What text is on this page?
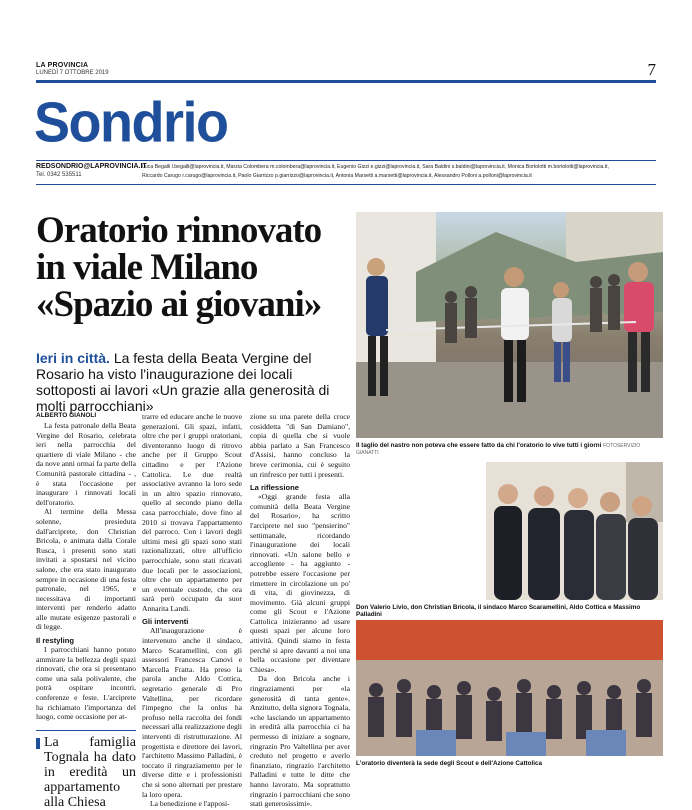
LA PROVINCIA
LUNEDÌ 7 OTTOBRE 2019	7
Sondrio
REDSONDRIO@LAPROVINCIA.IT
Tel. 0342 535511
Luca Begalli l.begalli@laprovincia.it, Marzia Colombera m.colombera@laprovincia.it, Eugenio Gizzi e.gizzi@laprovincia.it, Sara Baldini s.baldini@laprovincia.it, Monica Bortolotti m.bortolotti@laprovincia.it,
Riccardo Carugo r.carugo@laprovincia.it, Paolo Giarrizzo p.giarrizzo@laprovincia.it, Antonia Marsetti a.marsetti@laprovincia.it, Alessandro Polloni a.polloni@laprovincia.it
Oratorio rinnovato
in viale Milano
«Spazio ai giovani»
Ieri in città. La festa della Beata Vergine del Rosario ha visto l'inaugurazione dei locali sottoposti ai lavori «Un grazie alla generosità di molti parrocchiani»
ALBERTO GIANOLI
La festa patronale della Beata Vergine del Rosario, celebrata ieri nella parrocchia del quartiere di viale Milano - che da nove anni ormai fa parte della Comunità pastorale cittadina - , è stata l'occasione per inaugurare i rinnovati locali dell'oratorio.
Al termine della Messa solenne, presieduta dall'arciprete, don Christian Bricola, e animata dalla Corale Rusca, i presenti sono stati invitati a spostarsi nel vicino salone, che era stato inaugurato sempre in occasione di una festa patronale, nel 1965, e necessitava di importanti interventi per renderlo adatto alle mutate esigenze pastorali e di legge.
Il restyling
I parrocchiani hanno potuto ammirare la bellezza degli spazi rinnovati, che ora si presentano come una sala polivalente, che potrà ospitare incontri, conferenze e feste. L'arciprete ha richiamato l'importanza del luogo, come occasione per at-
La famiglia Tognala ha dato in eredità un appartamento alla Chiesa
trarre ed educare anche le nuove generazioni. Gli spazi, infatti, oltre che per i gruppi oratoriani, diventeranno luogo di ritrovo anche per il Gruppo Scout cittadino e per l'Azione Cattolica. Le due realtà associative avranno la loro sede in un altro spazio rinnovato, quello al secondo piano della casa parrocchiale, dove fino al 2010 si trovava l'appartamento del parroco. Con i lavori degli ultimi mesi gli spazi sono stati razionalizzati, oltre all'ufficio parrocchiale, sono stati ricavati due locali per le associazioni, oltre che un appartamento per un eventuale custode, che ora sarà però occupato da suor Annarita Landi.
Gli interventi
All'inaugurazione è intervenuto anche il sindaco, Marco Scaramellini, con gli assessori Francesca Canovi e Marcella Fratta. Ha preso la parola anche Aldo Cottica, segretario generale di Pro Valtellina, per ricordare l'impegno che la onlus ha profuso nella raccolta dei fondi necessari alla realizzazione degli interventi di ristrutturazione. Al progettista e direttore dei lavori, l'architetto Massimo Palladini, è toccato il ringraziamento per le diverse ditte e i professionisti che si sono alternati per prestare la loro opera.
La benedizione e l'apposi-
zione su una parete della croce cosiddetta "di San Damiano", copia di quella che si vuole abbia parlato a San Francesco d'Assisi, hanno concluso la breve cerimonia, cui è seguito un rinfresco per tutti i presenti.
La riflessione
«Oggi grande festa alla comunità della Beata Vergine del Rosario», ha scritto l'arciprete nel suo "pensierino" settimanale, ricordando l'inaugurazione dei locali rinnovati. «Un salone bello e accogliente - ha aggiunto - potrebbe essere l'occasione per rimettere in circolazione un po' di vita, di giovinezza, di movimento. Già alcuni gruppi come gli Scout e l'Azione Cattolica inizieranno ad usare questi spazi per alcune loro attività. Quindi siamo in festa perché si apre davanti a noi una bella occasione per diventare Chiesa».
Da don Bricola anche i ringraziamenti per «la generosità di tanta gente». Anzitutto, della signora Tognala, «che lasciando un appartamento in eredità alla parrocchia ci ha permesso di iniziare a sognare, ringrazio Pro Valtellina per aver creduto nel progetto e averlo finanziato, ringrazio l'architetto Palladini e tutte le ditte che hanno lavorato. Ma soprattutto ringrazio i parrocchiani che sono stati generosissimi».
Il taglio del nastro non poteva che essere fatto da chi l'oratorio lo vive tutti i giorni FOTOSERVIZIO GIANATTI
Don Valerio Livio, don Christian Bricola, il sindaco Marco Scaramellini, Aldo Cottica e Massimo Palladini
L'oratorio diventerà la sede degli Scout e dell'Azione Cattolica
